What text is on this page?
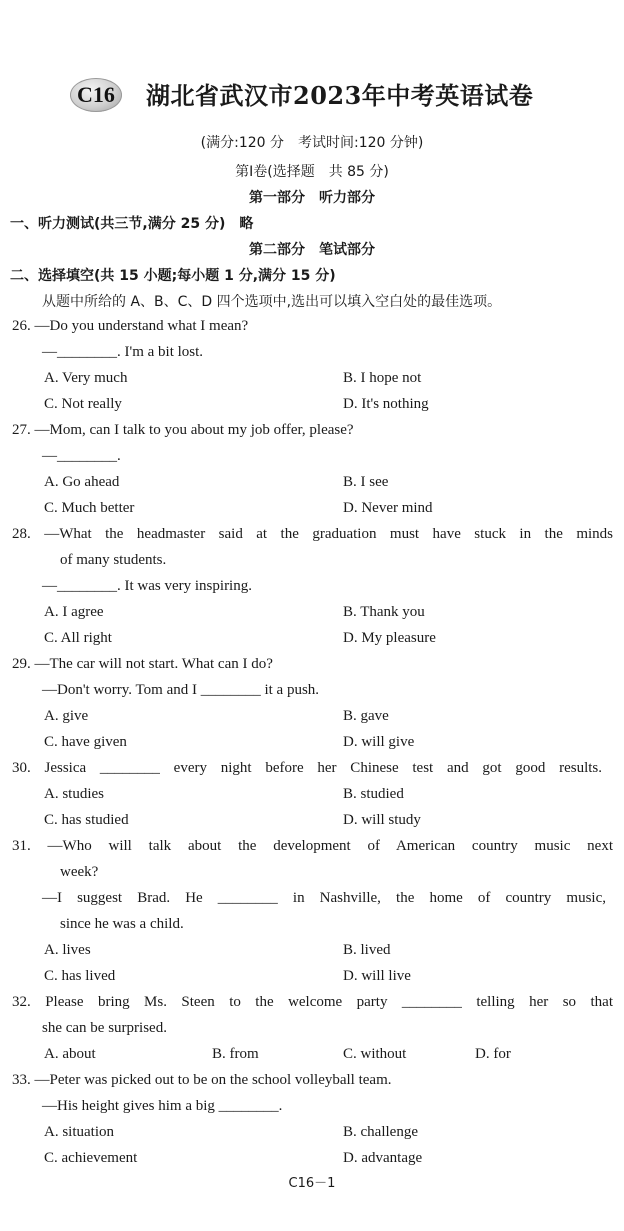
C16 湖北省武汉市2023年中考英语试卷
(满分:120 分　考试时间:120 分钟)
第Ⅰ卷(选择题　共 85 分)
第一部分　听力部分
一、听力测试(共三节,满分 25 分)　略
第二部分　笔试部分
二、选择填空(共 15 小题;每小题 1 分,满分 15 分)
从题中所给的 A、B、C、D 四个选项中,选出可以填入空白处的最佳选项。
26. —Do you understand what I mean?
—________. I'm a bit lost.
A. Very much	B. I hope not
C. Not really	D. It's nothing
27. —Mom, can I talk to you about my job offer, please?
—________.
A. Go ahead	B. I see
C. Much better	D. Never mind
28. —What the headmaster said at the graduation must have stuck in the minds
of many students.
—________. It was very inspiring.
A. I agree	B. Thank you
C. All right	D. My pleasure
29. —The car will not start. What can I do?
—Don't worry. Tom and I ________ it a push.
A. give	B. gave
C. have given	D. will give
30. Jessica ________ every night before her Chinese test and got good results.
A. studies	B. studied
C. has studied	D. will study
31. —Who will talk about the development of American country music next
week?
—I suggest Brad. He ________ in Nashville, the home of country music,
since he was a child.
A. lives	B. lived
C. has lived	D. will live
32. Please bring Ms. Steen to the welcome party ________ telling her so that
she can be surprised.
A. about	B. from	C. without	D. for
33. —Peter was picked out to be on the school volleyball team.
—His height gives him a big ________.
A. situation	B. challenge
C. achievement	D. advantage
C16－1
